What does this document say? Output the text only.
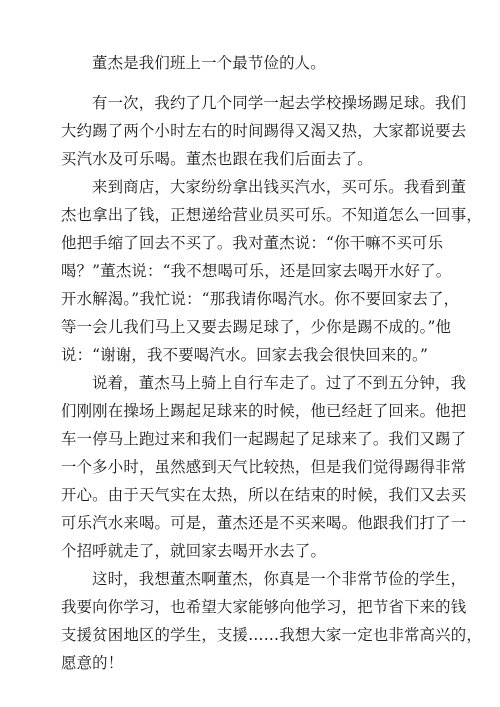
董杰是我们班上一个最节俭的人。
有一次，我约了几个同学一起去学校操场踢足球。我们
大约踢了两个小时左右的时间踢得又渴又热，大家都说要去
买汽水及可乐喝。董杰也跟在我们后面去了。
来到商店，大家纷纷拿出钱买汽水，买可乐。我看到董
杰也拿出了钱，正想递给营业员买可乐。不知道怎么一回事，
他把手缩了回去不买了。我对董杰说：“你干嘛不买可乐
喝？”董杰说：“我不想喝可乐，还是回家去喝开水好了。
开水解渴。”我忙说：“那我请你喝汽水。你不要回家去了，
等一会儿我们马上又要去踢足球了，少你是踢不成的。”他
说：“谢谢，我不要喝汽水。回家去我会很快回来的。”
说着，董杰马上骑上自行车走了。过了不到五分钟，我
们刚刚在操场上踢起足球来的时候，他已经赶了回来。他把
车一停马上跑过来和我们一起踢起了足球来了。我们又踢了
一个多小时，虽然感到天气比较热，但是我们觉得踢得非常
开心。由于天气实在太热，所以在结束的时候，我们又去买
可乐汽水来喝。可是，董杰还是不买来喝。他跟我们打了一
个招呼就走了，就回家去喝开水去了。
这时，我想董杰啊董杰，你真是一个非常节俭的学生，
我要向你学习，也希望大家能够向他学习，把节省下来的钱
支援贫困地区的学生，支援……我想大家一定也非常高兴的，
愿意的！
